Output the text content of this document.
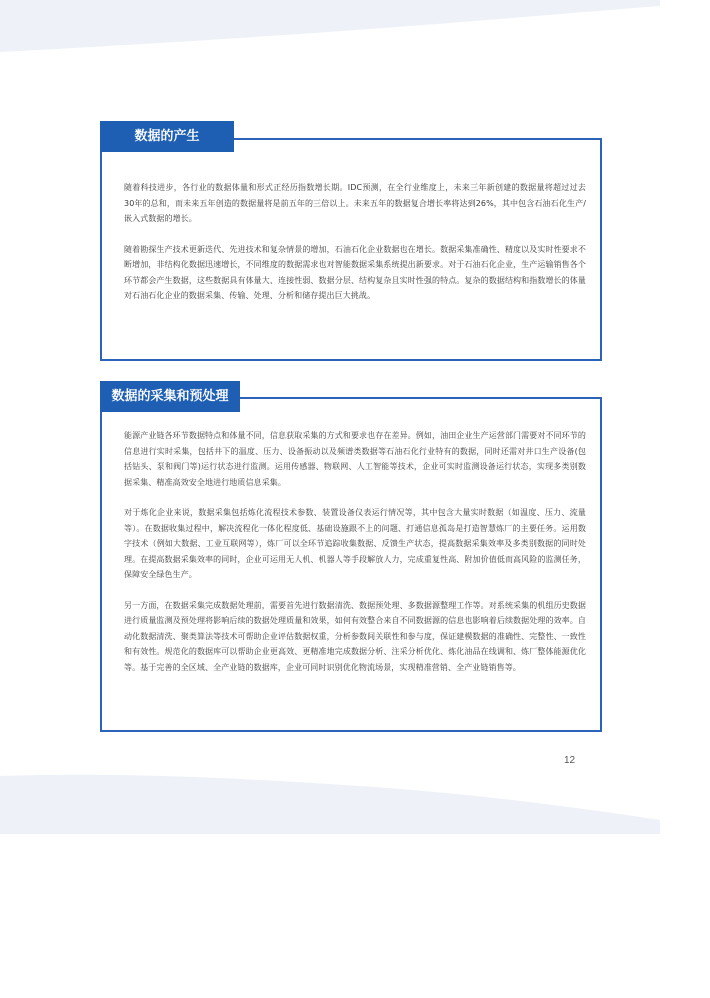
数据的产生

随着科技进步，各行业的数据体量和形式正经历指数增长期。IDC预测，在全行业维度上，未来三年新创建的数据量将超过过去30年的总和，而未来五年创造的数据量将是前五年的三倍以上。未来五年的数据复合增长率将达到26%，其中包含石油石化生产/嵌入式数据的增长。

随着勘探生产技术更新迭代、先进技术和复杂情景的增加，石油石化企业数据也在增长。数据采集准确性、精度以及实时性要求不断增加，非结构化数据迅速增长，不同维度的数据需求也对智能数据采集系统提出新要求。对于石油石化企业，生产运输销售各个环节都会产生数据，这些数据具有体量大、连接性弱、数据分层、结构复杂且实时性强的特点。复杂的数据结构和指数增长的体量对石油石化企业的数据采集、传输、处理、分析和储存提出巨大挑战。

数据的采集和预处理

能源产业链各环节数据特点和体量不同，信息获取采集的方式和要求也存在差异。例如，油田企业生产运营部门需要对不同环节的信息进行实时采集，包括井下的温度、压力、设备振动以及频谱类数据等石油石化行业特有的数据，同时还需对井口生产设备(包括钻头、泵和阀门等)运行状态进行监测。运用传感器、物联网、人工智能等技术，企业可实时监测设备运行状态，实现多类别数据采集、精准高效安全地进行地质信息采集。

对于炼化企业来说，数据采集包括炼化流程技术参数、装置设备仪表运行情况等，其中包含大量实时数据（如温度、压力、流量等）。在数据收集过程中，解决流程化一体化程度低、基础设施跟不上的问题、打通信息孤岛是打造智慧炼厂的主要任务。运用数字技术（例如大数据、工业互联网等），炼厂可以全环节追踪收集数据、反馈生产状态，提高数据采集效率及多类别数据的同时处理。在提高数据采集效率的同时，企业可运用无人机、机器人等手段解放人力，完成重复性高、附加价值低而高风险的监测任务，保障安全绿色生产。

另一方面，在数据采集完成数据处理前，需要首先进行数据清洗、数据预处理、多数据源整理工作等。对系统采集的机组历史数据进行质量监测及预处理将影响后续的数据处理质量和效果，如何有效整合来自不同数据源的信息也影响着后续数据处理的效率。自动化数据清洗、聚类算法等技术可帮助企业评估数据权重，分析参数间关联性和参与度，保证建模数据的准确性、完整性、一致性和有效性。规范化的数据库可以帮助企业更高效、更精准地完成数据分析、注采分析优化、炼化油品在线调和、炼厂整体能源优化等。基于完善的全区域、全产业链的数据库，企业可同时识别优化物流场景，实现精准营销、全产业链销售等。

12
